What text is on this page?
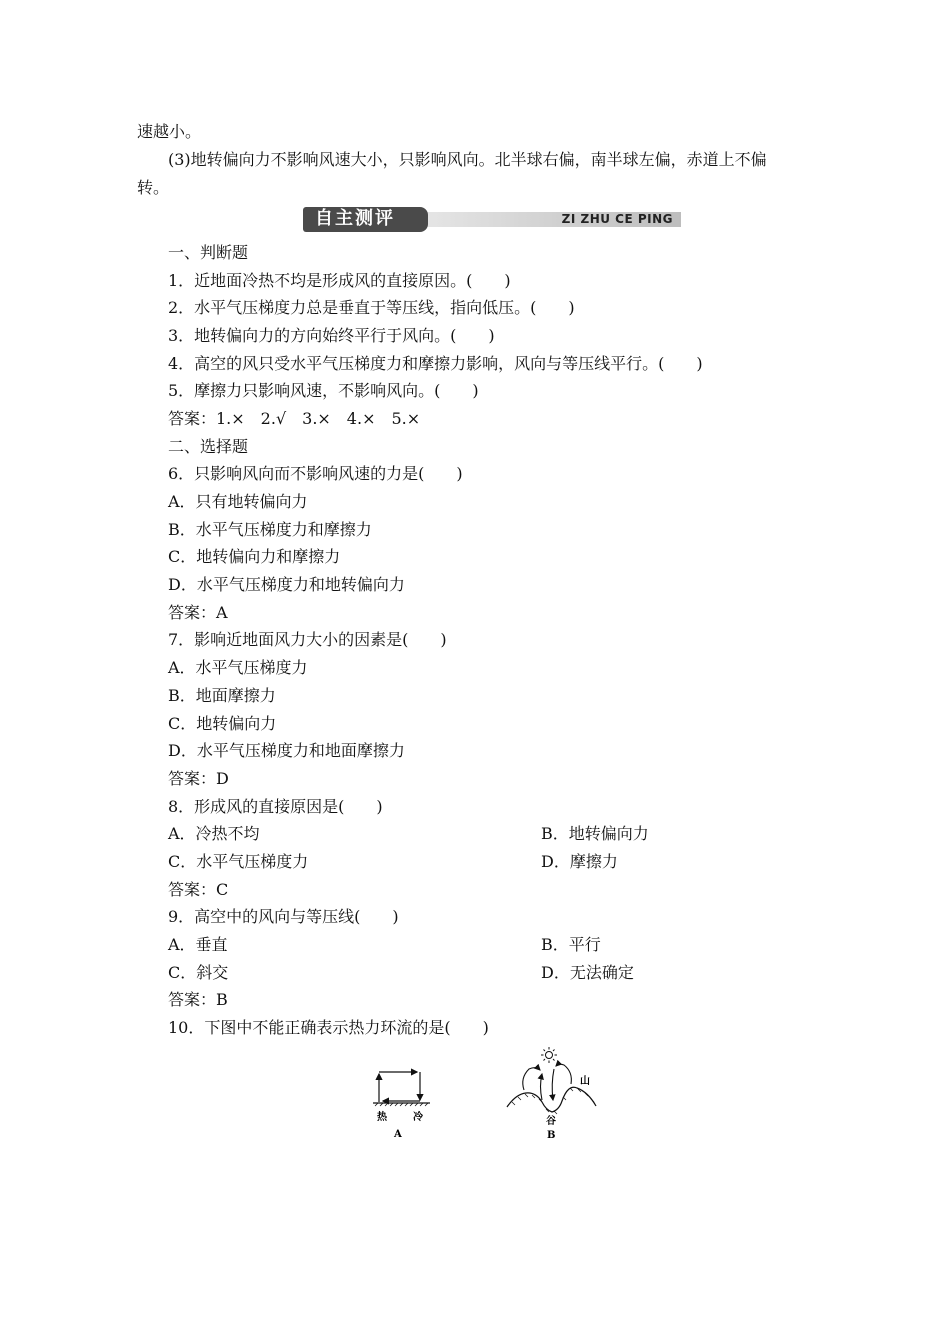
速越小。
(3)地转偏向力不影响风速大小，只影响风向。北半球右偏，南半球左偏，赤道上不偏
转。
ZI ZHU CE PING
自主测评
一、判断题
1．近地面冷热不均是形成风的直接原因。(　　)
2．水平气压梯度力总是垂直于等压线，指向低压。(　　)
3．地转偏向力的方向始终平行于风向。(　　)
4．高空的风只受水平气压梯度力和摩擦力影响，风向与等压线平行。(　　)
5．摩擦力只影响风速，不影响风向。(　　)
答案：1.×　2.√　3.×　4.×　5.×
二、选择题
6．只影响风向而不影响风速的力是(　　)
A．只有地转偏向力
B．水平气压梯度力和摩擦力
C．地转偏向力和摩擦力
D．水平气压梯度力和地转偏向力
答案：A
7．影响近地面风力大小的因素是(　　)
A．水平气压梯度力
B．地面摩擦力
C．地转偏向力
D．水平气压梯度力和地面摩擦力
答案：D
8．形成风的直接原因是(　　)
A．冷热不均	B．地转偏向力
C．水平气压梯度力	D．摩擦力
答案：C
9．高空中的风向与等压线(　　)
A．垂直	B．平行
C．斜交	D．无法确定
答案：B
10．下图中不能正确表示热力环流的是(　　)
热	冷
A
山
谷
B
